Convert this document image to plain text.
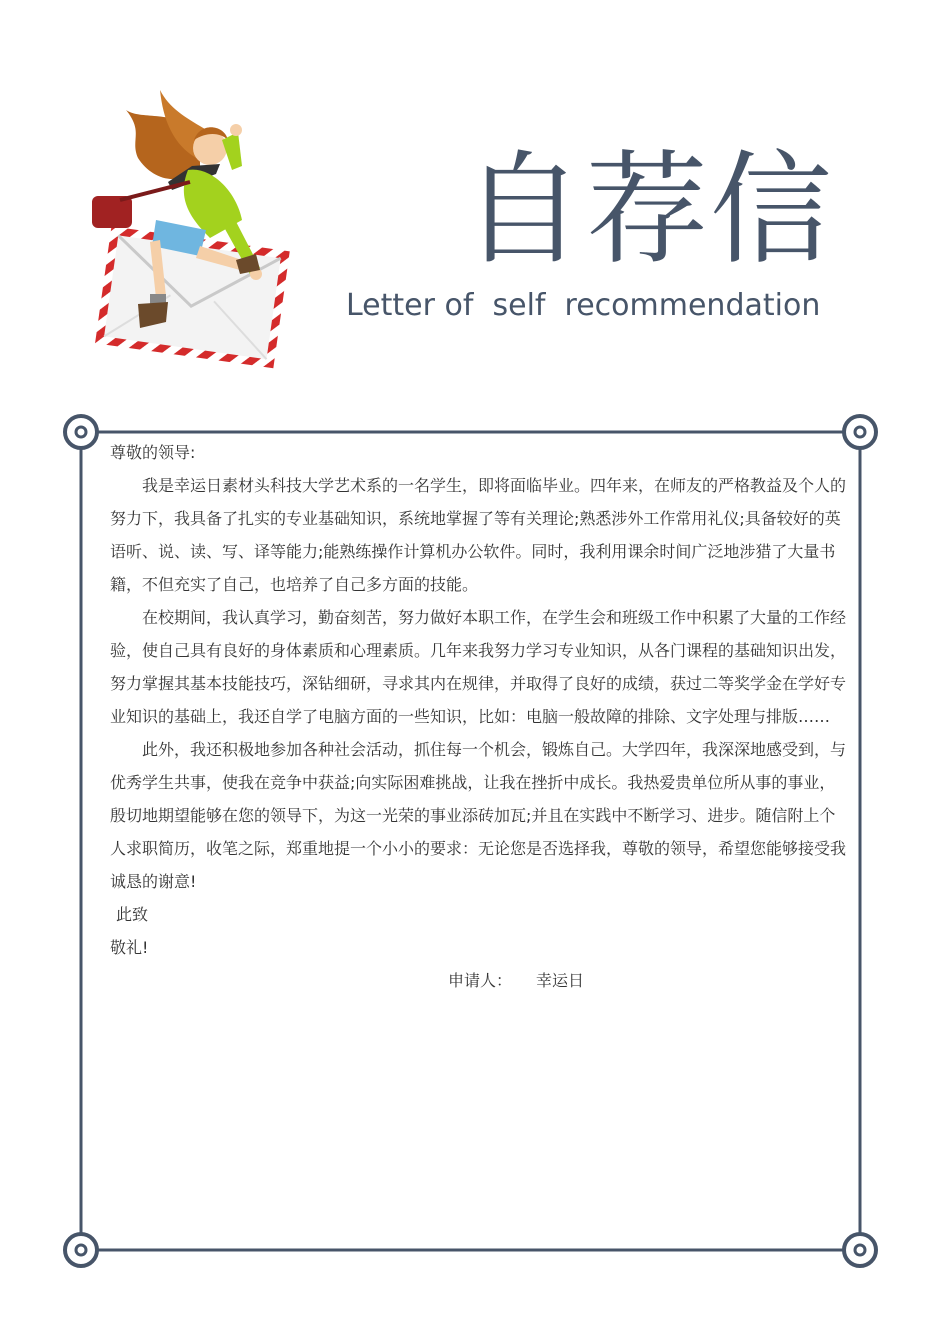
自荐信
Letter of  self  recommendation

尊敬的领导:

我是幸运日素材头科技大学艺术系的一名学生，即将面临毕业。四年来，在师友的严格教益及个人的努力下，我具备了扎实的专业基础知识，系统地掌握了等有关理论;熟悉涉外工作常用礼仪;具备较好的英语听、说、读、写、译等能力;能熟练操作计算机办公软件。同时，我利用课余时间广泛地涉猎了大量书籍，不但充实了自己，也培养了自己多方面的技能。

在校期间，我认真学习，勤奋刻苦，努力做好本职工作，在学生会和班级工作中积累了大量的工作经验，使自己具有良好的身体素质和心理素质。几年来我努力学习专业知识，从各门课程的基础知识出发，努力掌握其基本技能技巧，深钻细研，寻求其内在规律，并取得了良好的成绩，获过二等奖学金在学好专业知识的基础上，我还自学了电脑方面的一些知识，比如：电脑一般故障的排除、文字处理与排版……

此外，我还积极地参加各种社会活动，抓住每一个机会，锻炼自己。大学四年，我深深地感受到，与优秀学生共事，使我在竞争中获益;向实际困难挑战，让我在挫折中成长。我热爱贵单位所从事的事业，殷切地期望能够在您的领导下，为这一光荣的事业添砖加瓦;并且在实践中不断学习、进步。随信附上个人求职简历，收笔之际，郑重地提一个小小的要求：无论您是否选择我，尊敬的领导，希望您能够接受我诚恳的谢意!

此致

敬礼!

申请人： 幸运日
